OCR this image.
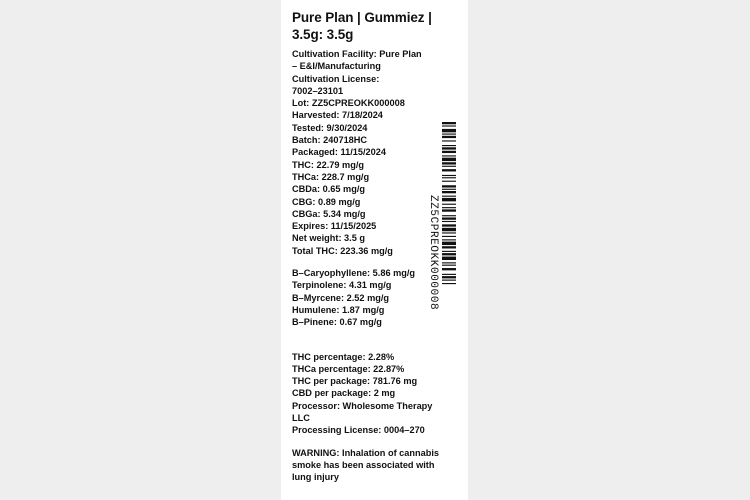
Pure Plan | Gummiez | 3.5g: 3.5g
Cultivation Facility: Pure Plan
– E&I/Manufacturing
Cultivation License:
7002–23101
Lot: ZZ5CPREOKK000008
Harvested: 7/18/2024
Tested: 9/30/2024
Batch: 240718HC
Packaged: 11/15/2024
THC: 22.79 mg/g
THCa: 228.7 mg/g
CBDa: 0.65 mg/g
CBG: 0.89 mg/g
CBGa: 5.34 mg/g
Expires: 11/15/2025
Net weight: 3.5 g
Total THC: 223.36 mg/g
B–Caryophyllene: 5.86 mg/g
Terpinolene: 4.31 mg/g
B–Myrcene: 2.52 mg/g
Humulene: 1.87 mg/g
B–Pinene: 0.67 mg/g
THC percentage: 2.28%
THCa percentage: 22.87%
THC per package: 781.76 mg
CBD per package: 2 mg
Processor: Wholesome Therapy LLC
Processing License: 0004–270
WARNING: Inhalation of cannabis smoke has been associated with lung injury
ZZ5CPREOKK000008
